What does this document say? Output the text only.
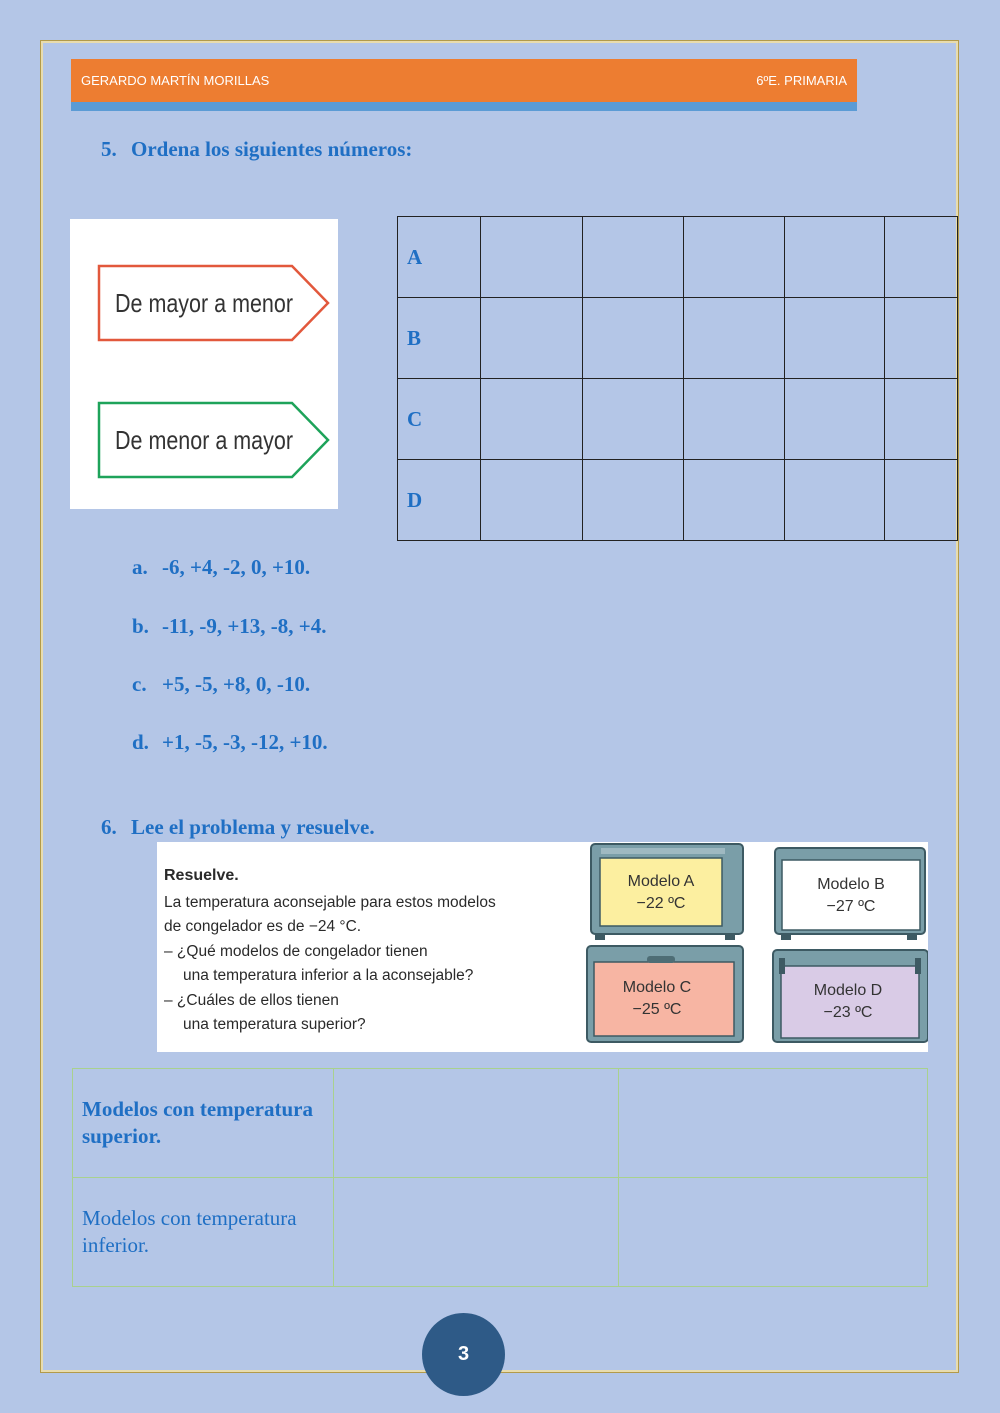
GERARDO MARTÍN MORILLAS	6ºE. PRIMARIA
5. Ordena los siguientes números:
De mayor a menor
De menor a mayor
A					
B					
C					
D					
a. -6, +4, -2, 0, +10.
b. -11, -9, +13, -8, +4.
c. +5, -5, +8, 0, -10.
d. +1, -5, -3, -12, +10.
6. Lee el problema y resuelve.
Resuelve.
La temperatura aconsejable para estos modelos
de congelador es de −24 °C.
– ¿Qué modelos de congelador tienen
una temperatura inferior a la aconsejable?
– ¿Cuáles de ellos tienen
una temperatura superior?
Modelo A
−22 ºC
Modelo B
−27 ºC
Modelo C
−25 ºC
Modelo D
−23 ºC
Modelos con temperatura
superior.		

Modelos con temperatura
inferior.		

3
